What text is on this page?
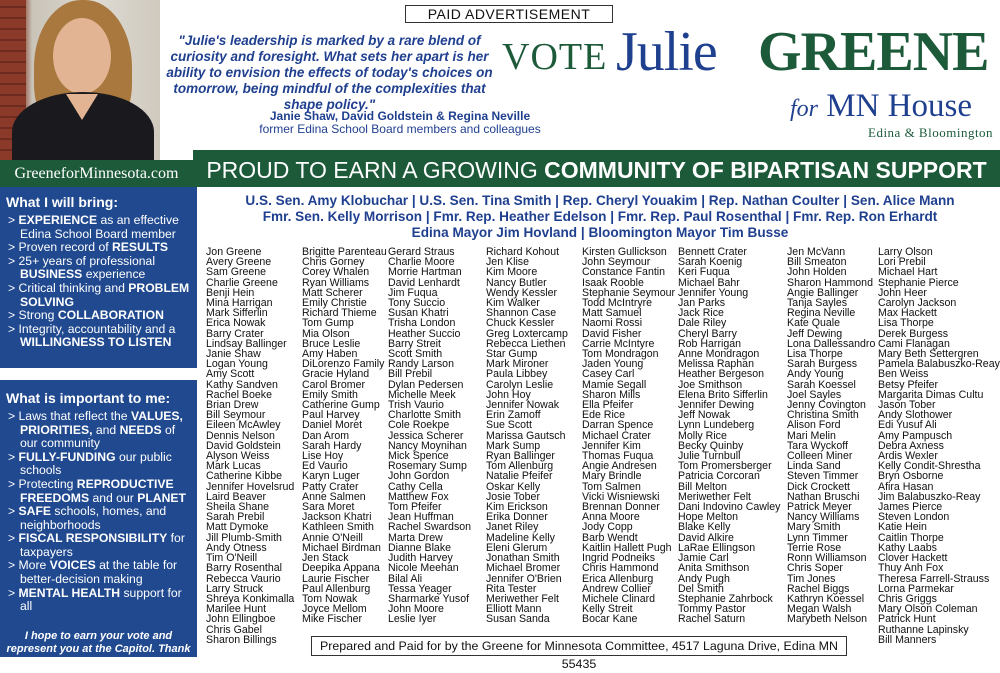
PAID ADVERTISEMENT
GreeneforMinnesota.com
"Julie's leadership is marked by a rare blend of curiosity and foresight. What sets her apart is her ability to envision the effects of today's choices on tomorrow, being mindful of the complexities that shape policy."
Janie Shaw, David Goldstein & Regina Neville
former Edina School Board members and colleagues
VOTE Julie GREENE
for MN House
Edina & Bloomington
PROUD TO EARN A GROWING COMMUNITY OF BIPARTISAN SUPPORT
What I will bring:
> EXPERIENCE as an effective Edina School Board member
> Proven record of RESULTS
> 25+ years of professional BUSINESS experience
> Critical thinking and PROBLEM SOLVING
> Strong COLLABORATION
> Integrity, accountability and a WILLINGNESS TO LISTEN
What is important to me:
> Laws that reflect the VALUES, PRIORITIES, and NEEDS of our community
> FULLY-FUNDING our public schools
> Protecting REPRODUCTIVE FREEDOMS and our PLANET
> SAFE schools, homes, and neighborhoods
> FISCAL RESPONSIBILITY for taxpayers
> More VOICES at the table for better-decision making
> MENTAL HEALTH support for all
I hope to earn your vote and represent you at the Capitol. Thank you. - Julie
U.S. Sen. Amy Klobuchar | U.S. Sen. Tina Smith | Rep. Cheryl Youakim | Rep. Nathan Coulter | Sen. Alice Mann
Fmr. Sen. Kelly Morrison | Fmr. Rep. Heather Edelson | Fmr. Rep. Paul Rosenthal | Fmr. Rep. Ron Erhardt
Edina Mayor Jim Hovland | Bloomington Mayor Tim Busse
Jon Greene
Avery Greene
Sam Greene
Charlie Greene
Benji Hein
Mina Harrigan
Mark Sifferlin
Erica Nowak
Barry Crater
Lindsay Ballinger
Janie Shaw
Logan Young
Amy Scott
Kathy Sandven
Rachel Boeke
Brian Drew
Bill Seymour
Eileen McAwley
Dennis Nelson
David Goldstein
Alyson Weiss
Mark Lucas
Catherine Kibbe
Jennifer Hovelsrud
Laird Beaver
Sheila Shane
Sarah Prebil
Matt Dymoke
Jill Plumb-Smith
Andy Otness
Tim O'Neill
Barry Rosenthal
Rebecca Vaurio
Larry Struck
Shreya Konkimalla
Marilee Hunt
John Ellingboe
Chris Gabel
Sharon Billings
Brigitte Parenteau
Chris Gorney
Corey Whalen
Ryan Williams
Matt Scherer
Emily Christie
Richard Thieme
Tom Gump
Mia Olson
Bruce Leslie
Amy Haben
DiLorenzo Family
Gracie Hyland
Carol Bromer
Emily Smith
Catherine Gump
Paul Harvey
Daniel Moret
Dan Arom
Sarah Hardy
Lise Hoy
Ed Vaurio
Karyn Luger
Patty Crater
Anne Salmen
Sara Moret
Jackson Khatri
Kathleen Smith
Annie O'Neill
Michael Birdman
Jen Stack
Deepika Appana
Laurie Fischer
Paul Allenburg
Tom Nowak
Joyce Mellom
Mike Fischer
Gerard Straus
Charlie Moore
Morrie Hartman
David Lenhardt
Jim Fuqua
Tony Succio
Susan Khatri
Trisha London
Heather Succio
Barry Streit
Scott Smith
Randy Larson
Bill Prebil
Dylan Pedersen
Michelle Meek
Trish Vaurio
Charlotte Smith
Cole Roekpe
Jessica Scherer
Nancy Moynihan
Mick Spence
Rosemary Sump
John Gordon
Cathy Cella
Matthew Fox
Tom Pfeifer
Jean Huffman
Rachel Swardson
Marta Drew
Dianne Blake
Judith Harvey
Nicole Meehan
Bilal Ali
Tessa Yeager
Sharmarke Yusof
John Moore
Leslie Iyer
Richard Kohout
Jen Klise
Kim Moore
Nancy Butler
Wendy Kessler
Kim Walker
Shannon Case
Chuck Kessler
Greg Loxtercamp
Rebecca Liethen
Star Gump
Mark Mironer
Paula Libbey
Carolyn Leslie
John Hoy
Jennifer Nowak
Erin Zamoff
Sue Scott
Marissa Gautsch
Mark Sump
Ryan Ballinger
Tom Allenburg
Natalie Pfeifer
Oskar Kelly
Josie Tober
Kim Erickson
Erika Donner
Janet Riley
Madeline Kelly
Eleni Glerum
Jonathan Smith
Michael Bromer
Jennifer O'Brien
Rita Tester
Meriwether Felt
Elliott Mann
Susan Sanda
Kirsten Gullickson
John Seymour
Constance Fantin
Isaak Rooble
Stephanie Seymour
Todd McIntryre
Matt Samuel
Naomi Rossi
David Fisher
Carrie McIntyre
Tom Mondragon
Jaden Young
Casey Carl
Mamie Segall
Sharon Mills
Ella Pfeifer
Ede Rice
Darran Spence
Michael Crater
Jennifer Kim
Thomas Fuqua
Angie Andresen
Mary Brindle
Tom Salmen
Vicki Wisniewski
Brennan Donner
Anna Moore
Jody Copp
Barb Wendt
Kaitlin Hallett Pugh
Ingrid Podneiks
Chris Hammond
Erica Allenburg
Andrew Collier
Michele Clinard
Kelly Streit
Bocar Kane
Bennett Crater
Sarah Koenig
Keri Fuqua
Michael Bahr
Jennifer Young
Jan Parks
Jack Rice
Dale Riley
Cheryl Barry
Rob Harrigan
Anne Mondragon
Melissa Raphan
Heather Bergeson
Joe Smithson
Elena Brito Sifferlin
Jennifer Dewing
Jeff Nowak
Lynn Lundeberg
Molly Rice
Becky Quinby
Julie Turnbull
Tom Promersberger
Patricia Corcoran
Bill Melton
Meriwether Felt
Dani Indovino Cawley
Hope Melton
Blake Kelly
David Alkire
LaRae Ellingson
Jamie Carl
Anita Smithson
Andy Pugh
Del Smith
Stephanie Zahrbock
Tommy Pastor
Rachel Saturn
Jen McVann
Bill Smeaton
John Holden
Sharon Hammond
Angie Ballinger
Tanja Sayles
Regina Neville
Kate Quale
Jeff Dewing
Lona Dallessandro
Lisa Thorpe
Sarah Burgess
Andy Young
Sarah Koessel
Joel Sayles
Jenny Covington
Christina Smith
Alison Ford
Mari Melin
Tara Wyckoff
Colleen Miner
Linda Sand
Steven Timmer
Dick Crockett
Nathan Bruschi
Patrick Meyer
Nancy Williams
Mary Smith
Lynn Timmer
Terrie Rose
Ronn Williamson
Chris Soper
Tim Jones
Rachel Biggs
Kathryn Koessel
Megan Walsh
Marybeth Nelson
Larry Olson
Lori Prebil
Michael Hart
Stephanie Pierce
John Heer
Carolyn Jackson
Max Hackett
Lisa Thorpe
Derek Burgess
Cami Flanagan
Mary Beth Settergren
Pamela Balabuszko-Reay
Ben Weiss
Betsy Pfeifer
Margarita Dimas Cultu
Jason Tober
Andy Slothower
Edi Yusuf Ali
Amy Pampusch
Debra Axness
Ardis Wexler
Kelly Condit-Shrestha
Bryn Osborne
Afira Hasan
Jim Balabuszko-Reay
James Pierce
Steven London
Katie Hein
Caitlin Thorpe
Kathy Laabs
Clover Hackett
Thuy Anh Fox
Theresa Farrell-Strauss
Lorna Parmekar
Chris Griggs
Mary Olson Coleman
Patrick Hunt
Ruthanne Lapinsky
Bill Manners
Prepared and Paid for by the Greene for Minnesota Committee, 4517 Laguna Drive, Edina MN 55435
